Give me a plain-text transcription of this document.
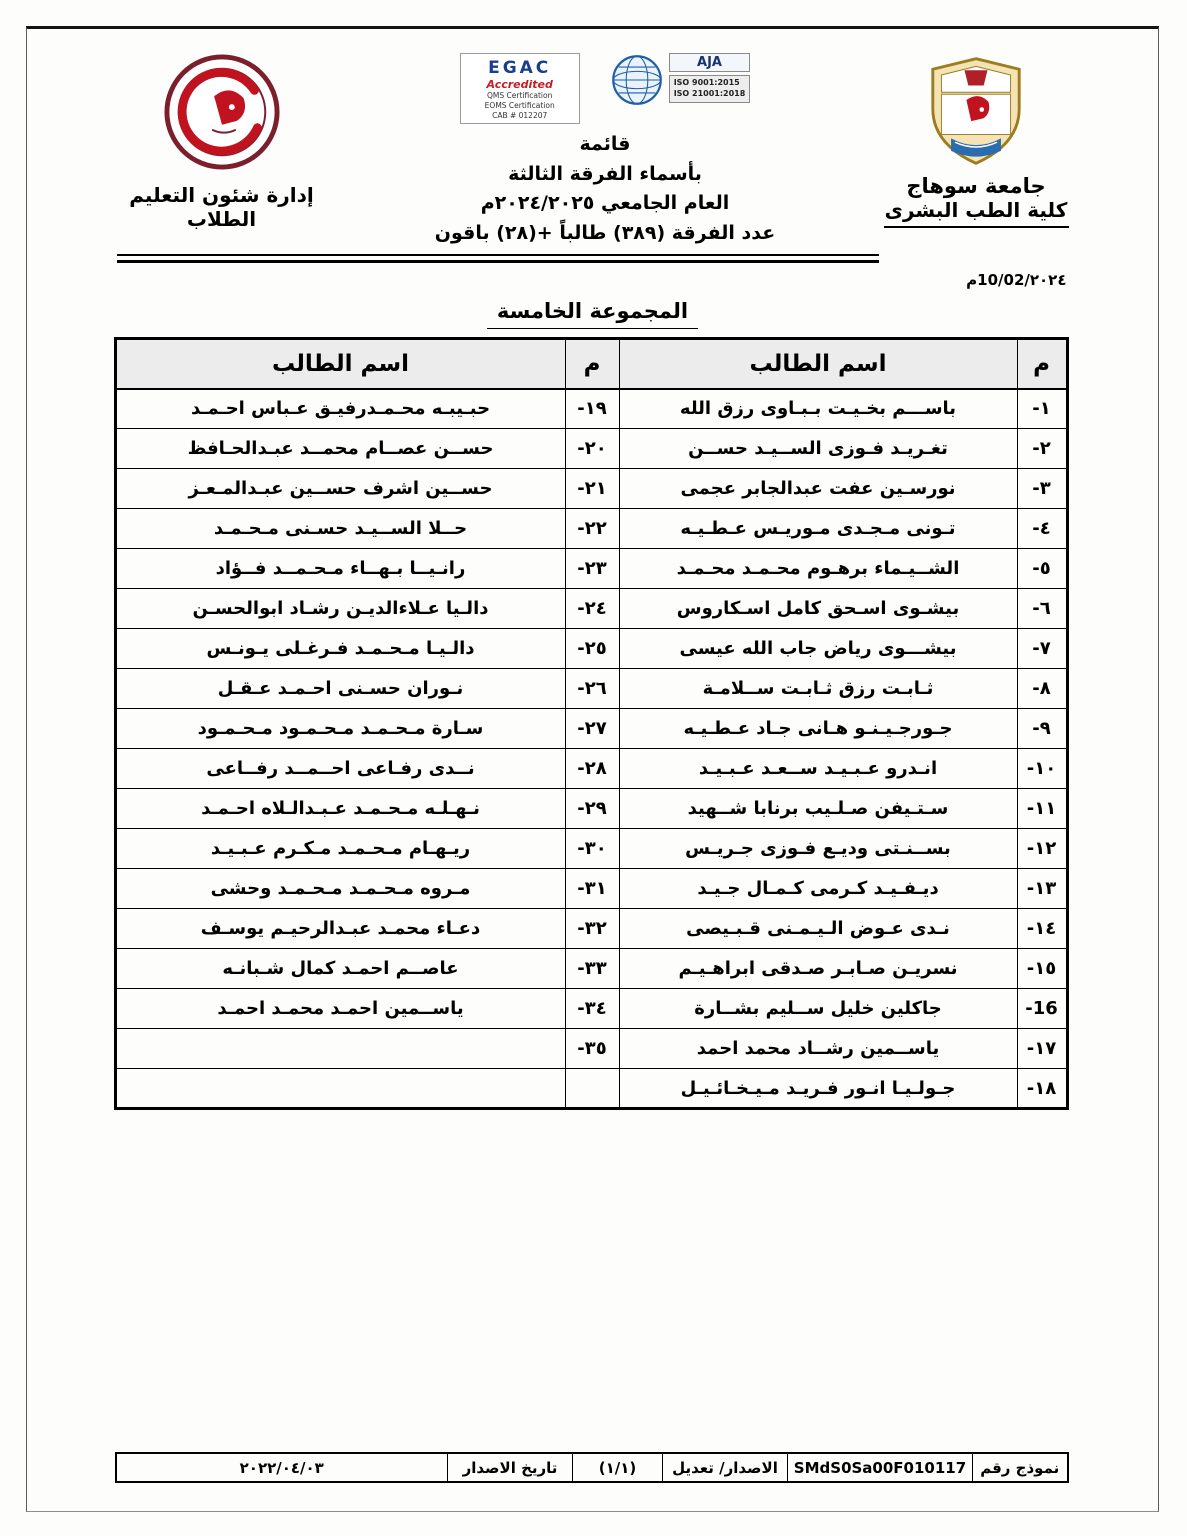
جامعة سوهاج
كلية الطب البشرى
EGAC
Accredited
QMS Certification
EOMS Certification
CAB # 012207
AJA
ISO 9001:2015
ISO 21001:2018
قائمة
بأسماء الفرقة الثالثة
العام الجامعي ٢٠٢٤/٢٠٢٥م
عدد الفرقة (٣٨٩) طالباً +(٢٨) باقون
إدارة شئون التعليم الطلاب
٢٠٢٤/10/02م
المجموعة الخامسة
م	اسم الطالب	م	اسم الطالب
١-	باســـم بخـيـت بـبـاوى رزق الله	١٩-	حبـيبـه محـمـدرفيـق عـباس احـمـد
٢-	تغـريـد فـوزى الســيـد حســن	٢٠-	حســن عصــام محمــد عبـدالحـافظ
٣-	نورسـين عفت عبدالجابر عجمى	٢١-	حســين اشرف حســين عبـدالمـعـز
٤-	تـونى مـجـدى مـوريـس عـطـيـه	٢٢-	حــلا الســيـد حسـنى مـحـمـد
٥-	الشــيـماء برهـوم محـمـد محـمـد	٢٣-	رانـيــا بـهــاء مـحـمــد فــؤاد
٦-	بيشـوى اسـحق كامل اسـكاروس	٢٤-	دالـيا عـلاءالديـن رشـاد ابوالحسـن
٧-	بيشـــوى رياض جاب الله عيسى	٢٥-	دالـيـا مـحـمـد فـرغـلى يـونـس
٨-	ثـابـت رزق ثـابـت ســلامـة	٢٦-	نـوران حسـنى احـمـد عـقـل
٩-	جـورجـيـنـو هـانى جـاد عـطـيـه	٢٧-	سـارة مـحـمـد مـحـمـود مـحـمـود
١٠-	انـدرو عـبـيـد ســعـد عـبـيـد	٢٨-	نــدى رفـاعى احــمــد رفــاعى
١١-	سـتـيفن صـلـيب برنابا شــهيد	٢٩-	نـهـلـه مـحـمـد عـبـدالـلاه احـمـد
١٢-	بســنـتى وديـع فـوزى جـريـس	٣٠-	ريـهـام مـحـمـد مـكـرم عـبـيـد
١٣-	ديـفـيـد كـرمى كـمـال جـيـد	٣١-	مـروه مـحـمـد مـحـمـد وحشى
١٤-	نـدى عـوض الـيـمـنى قـبـيصى	٣٢-	دعـاء محمـد عبـدالرحيـم يوسـف
١٥-	نسريـن صـابـر صـدقى ابراهـيـم	٣٣-	عاصــم احمـد كمال شـبانـه
16-	جاكلين خليل ســليم بشــارة	٣٤-	ياســمين احمـد محمـد احمـد
١٧-	ياســمين رشــاد محمد احمد	٣٥-	
١٨-	جـولـيـا انـور فـريـد مـيـخـائـيـل		
نموذج رقم	SMdS0Sa00F010117	الاصدار/ تعديل	(١/١)	تاريخ الاصدار	٢٠٢٢/٠٤/٠٣
